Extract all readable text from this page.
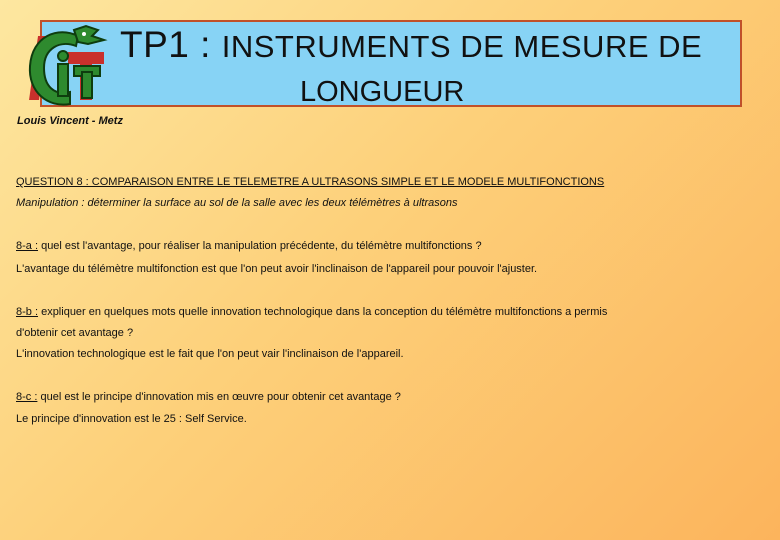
TP1 : INSTRUMENTS DE MESURE DE
LONGUEUR
Louis Vincent - Metz
QUESTION 8 : COMPARAISON ENTRE LE TELEMETRE A ULTRASONS SIMPLE ET LE MODELE MULTIFONCTIONS
Manipulation : déterminer la surface au sol de la salle avec les deux télémètres à ultrasons
8-a : quel est l'avantage, pour réaliser la manipulation précédente, du télémètre multifonctions ?
L'avantage du télémètre multifonction est que l'on peut avoir l'inclinaison de l'appareil pour pouvoir l'ajuster.
8-b : expliquer en quelques mots quelle innovation technologique dans la conception du télémètre multifonctions a permis
d'obtenir cet avantage ?
L'innovation technologique est le fait que l'on peut vair l'inclinaison de l'appareil.
8-c : quel est le principe d'innovation mis en œuvre pour obtenir cet avantage ?
Le principe d'innovation est le 25 : Self Service.
